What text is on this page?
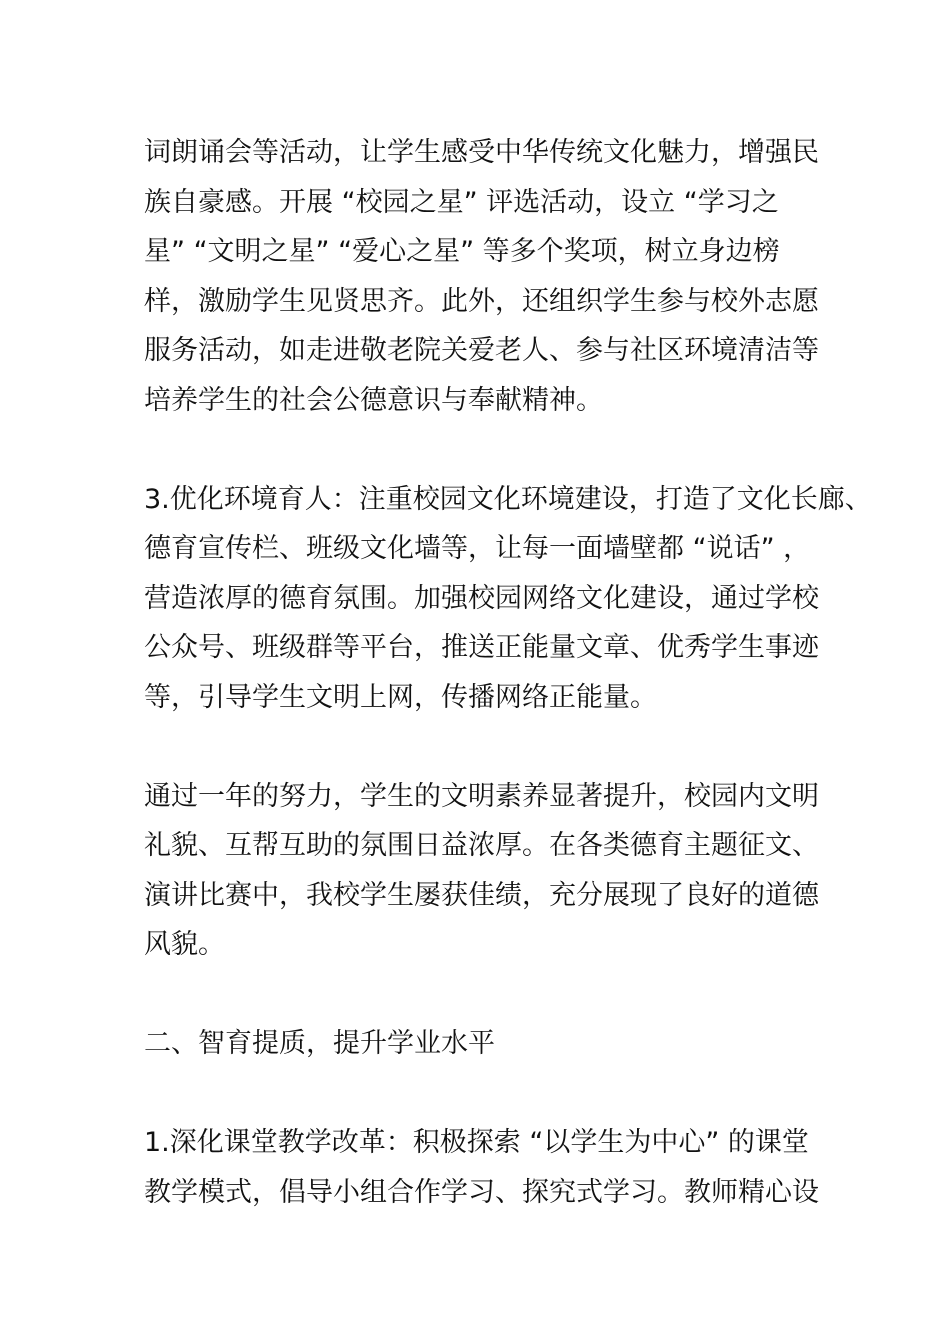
词朗诵会等活动，让学生感受中华传统文化魅力，增强民
族自豪感。开展 “校园之星” 评选活动，设立 “学习之
星” “文明之星” “爱心之星” 等多个奖项，树立身边榜
样，激励学生见贤思齐。此外，还组织学生参与校外志愿
服务活动，如走进敬老院关爱老人、参与社区环境清洁等
培养学生的社会公德意识与奉献精神。
3.优化环境育人：注重校园文化环境建设，打造了文化长廊、
德育宣传栏、班级文化墙等，让每一面墙壁都 “说话” ，
营造浓厚的德育氛围。加强校园网络文化建设，通过学校
公众号、班级群等平台，推送正能量文章、优秀学生事迹
等，引导学生文明上网，传播网络正能量。
通过一年的努力，学生的文明素养显著提升，校园内文明
礼貌、互帮互助的氛围日益浓厚。在各类德育主题征文、
演讲比赛中，我校学生屡获佳绩，充分展现了良好的道德
风貌。
二、智育提质，提升学业水平
1.深化课堂教学改革：积极探索 “以学生为中心” 的课堂
教学模式，倡导小组合作学习、探究式学习。教师精心设
